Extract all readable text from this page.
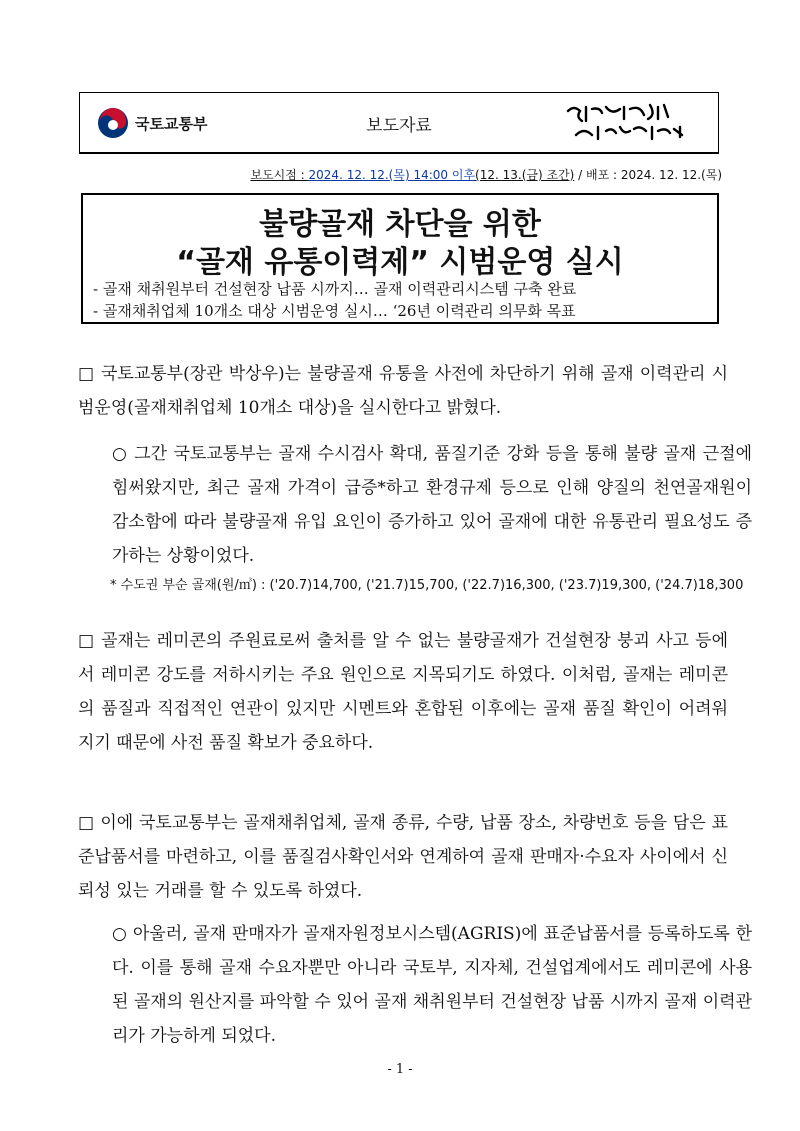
국토교통부	보도자료
보도시점 : 2024. 12. 12.(목) 14:00 이후(12. 13.(금) 조간) / 배포 : 2024. 12. 12.(목)
불량골재 차단을 위한
“골재 유통이력제” 시범운영 실시
- 골재 채취원부터 건설현장 납품 시까지… 골재 이력관리시스템 구축 완료
- 골재채취업체 10개소 대상 시범운영 실시… ‘26년 이력관리 의무화 목표
□ 국토교통부(장관 박상우)는 불량골재 유통을 사전에 차단하기 위해 골재 이력관리 시범운영(골재채취업체 10개소 대상)을 실시한다고 밝혔다.
○ 그간 국토교통부는 골재 수시검사 확대, 품질기준 강화 등을 통해 불량 골재 근절에 힘써왔지만, 최근 골재 가격이 급증*하고 환경규제 등으로 인해 양질의 천연골재원이 감소함에 따라 불량골재 유입 요인이 증가하고 있어 골재에 대한 유통관리 필요성도 증가하는 상황이었다.
* 수도권 부순 골재(원/㎥) : ('20.7)14,700, ('21.7)15,700, ('22.7)16,300, ('23.7)19,300, ('24.7)18,300
□ 골재는 레미콘의 주원료로써 출처를 알 수 없는 불량골재가 건설현장 붕괴 사고 등에서 레미콘 강도를 저하시키는 주요 원인으로 지목되기도 하였다. 이처럼, 골재는 레미콘의 품질과 직접적인 연관이 있지만 시멘트와 혼합된 이후에는 골재 품질 확인이 어려워지기 때문에 사전 품질 확보가 중요하다.
□ 이에 국토교통부는 골재채취업체, 골재 종류, 수량, 납품 장소, 차량번호 등을 담은 표준납품서를 마련하고, 이를 품질검사확인서와 연계하여 골재 판매자·수요자 사이에서 신뢰성 있는 거래를 할 수 있도록 하였다.
○ 아울러, 골재 판매자가 골재자원정보시스템(AGRIS)에 표준납품서를 등록하도록 한다. 이를 통해 골재 수요자뿐만 아니라 국토부, 지자체, 건설업계에서도 레미콘에 사용된 골재의 원산지를 파악할 수 있어 골재 채취원부터 건설현장 납품 시까지 골재 이력관리가 가능하게 되었다.
- 1 -
